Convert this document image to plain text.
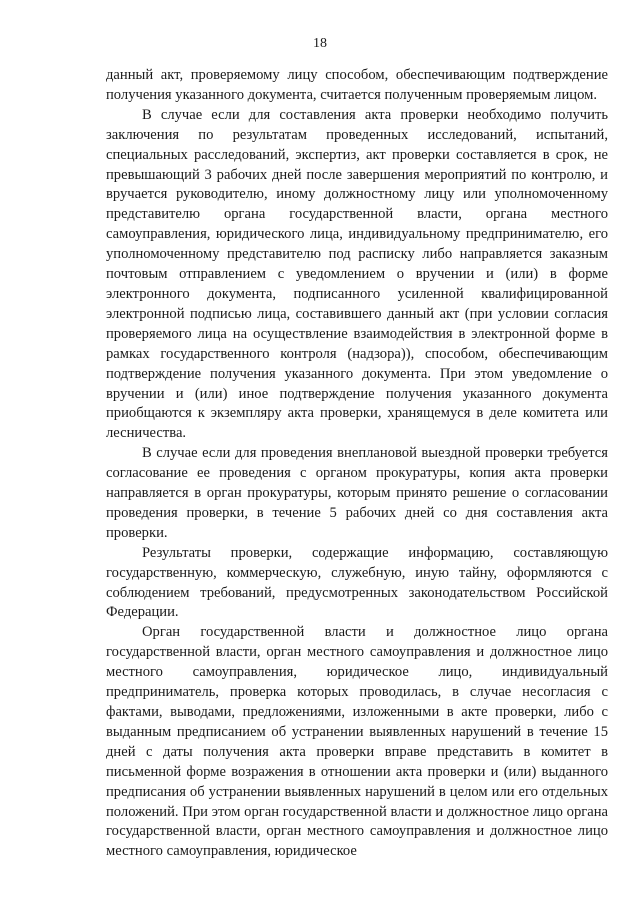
18

данный акт, проверяемому лицу способом, обеспечивающим подтверждение получения указанного документа, считается полученным проверяемым лицом.

В случае если для составления акта проверки необходимо получить заключения по результатам проведенных исследований, испытаний, специальных расследований, экспертиз, акт проверки составляется в срок, не превышающий 3 рабочих дней после завершения мероприятий по контролю, и вручается руководителю, иному должностному лицу или уполномоченному представителю органа государственной власти, органа местного самоуправления, юридического лица, индивидуальному предпринимателю, его уполномоченному представителю под расписку либо направляется заказным почтовым отправлением с уведомлением о вручении и (или) в форме электронного документа, подписанного усиленной квалифицированной электронной подписью лица, составившего данный акт (при условии согласия проверяемого лица на осуществление взаимодействия в электронной форме в рамках государственного контроля (надзора)), способом, обеспечивающим подтверждение получения указанного документа. При этом уведомление о вручении и (или) иное подтверждение получения указанного документа приобщаются к экземпляру акта проверки, хранящемуся в деле комитета или лесничества.

В случае если для проведения внеплановой выездной проверки требуется согласование ее проведения с органом прокуратуры, копия акта проверки направляется в орган прокуратуры, которым принято решение о согласовании проведения проверки, в течение 5 рабочих дней со дня составления акта проверки.

Результаты проверки, содержащие информацию, составляющую государственную, коммерческую, служебную, иную тайну, оформляются с соблюдением требований, предусмотренных законодательством Российской Федерации.

Орган государственной власти и должностное лицо органа государственной власти, орган местного самоуправления и должностное лицо местного самоуправления, юридическое лицо, индивидуальный предприниматель, проверка которых проводилась, в случае несогласия с фактами, выводами, предложениями, изложенными в акте проверки, либо с выданным предписанием об устранении выявленных нарушений в течение 15 дней с даты получения акта проверки вправе представить в комитет в письменной форме возражения в отношении акта проверки и (или) выданного предписания об устранении выявленных нарушений в целом или его отдельных положений. При этом орган государственной власти и должностное лицо органа государственной власти, орган местного самоуправления и должностное лицо местного самоуправления, юридическое
